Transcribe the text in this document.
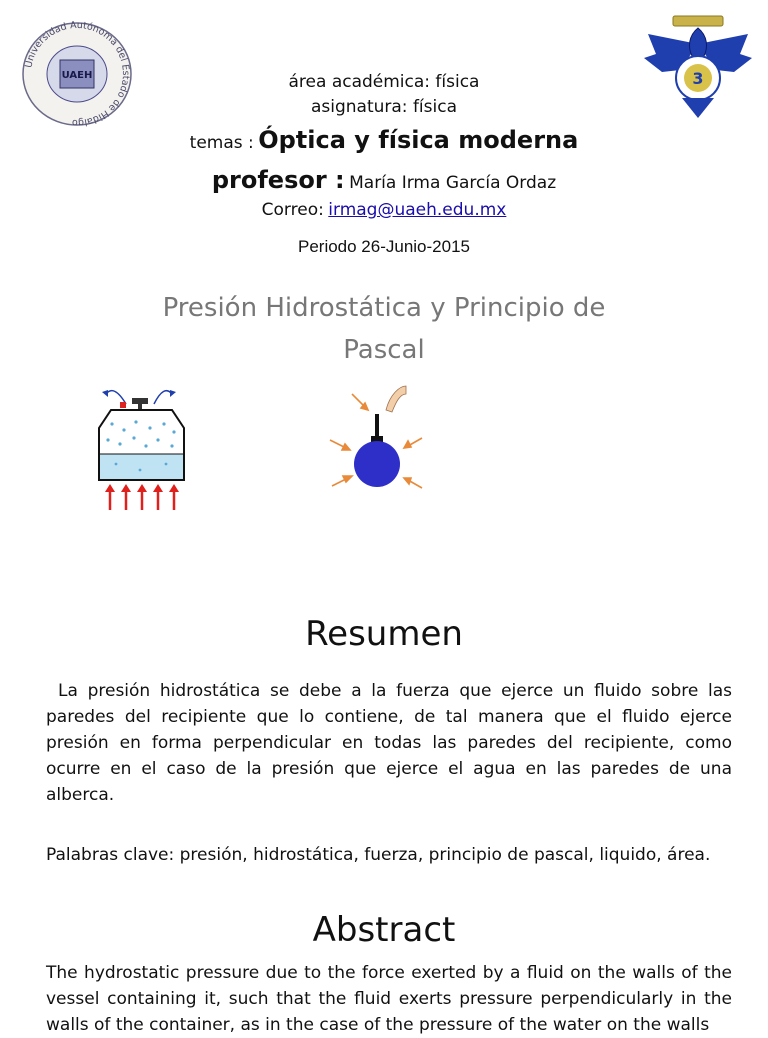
Universidad Autónoma del Estado de Hidalgo
UAEH	3
área académica: física
asignatura: física
temas : Óptica y física moderna
profesor : María Irma García Ordaz
Correo: irmag@uaeh.edu.mx
Periodo 26-Junio-2015
Presión Hidrostática y Principio de
Pascal
Resumen
La presión hidrostática se debe a la fuerza que ejerce un fluido sobre las paredes del recipiente que lo contiene, de tal manera que el fluido ejerce presión en forma perpendicular en todas las paredes del recipiente, como ocurre en el caso de la presión que ejerce el agua en las paredes de una alberca.
Palabras clave: presión, hidrostática, fuerza, principio de pascal, liquido, área.
Abstract
The hydrostatic pressure due to the force exerted by a fluid on the walls of the vessel containing it, such that the fluid exerts pressure perpendicularly in the walls of the container, as in the case of the pressure of the water on the walls
